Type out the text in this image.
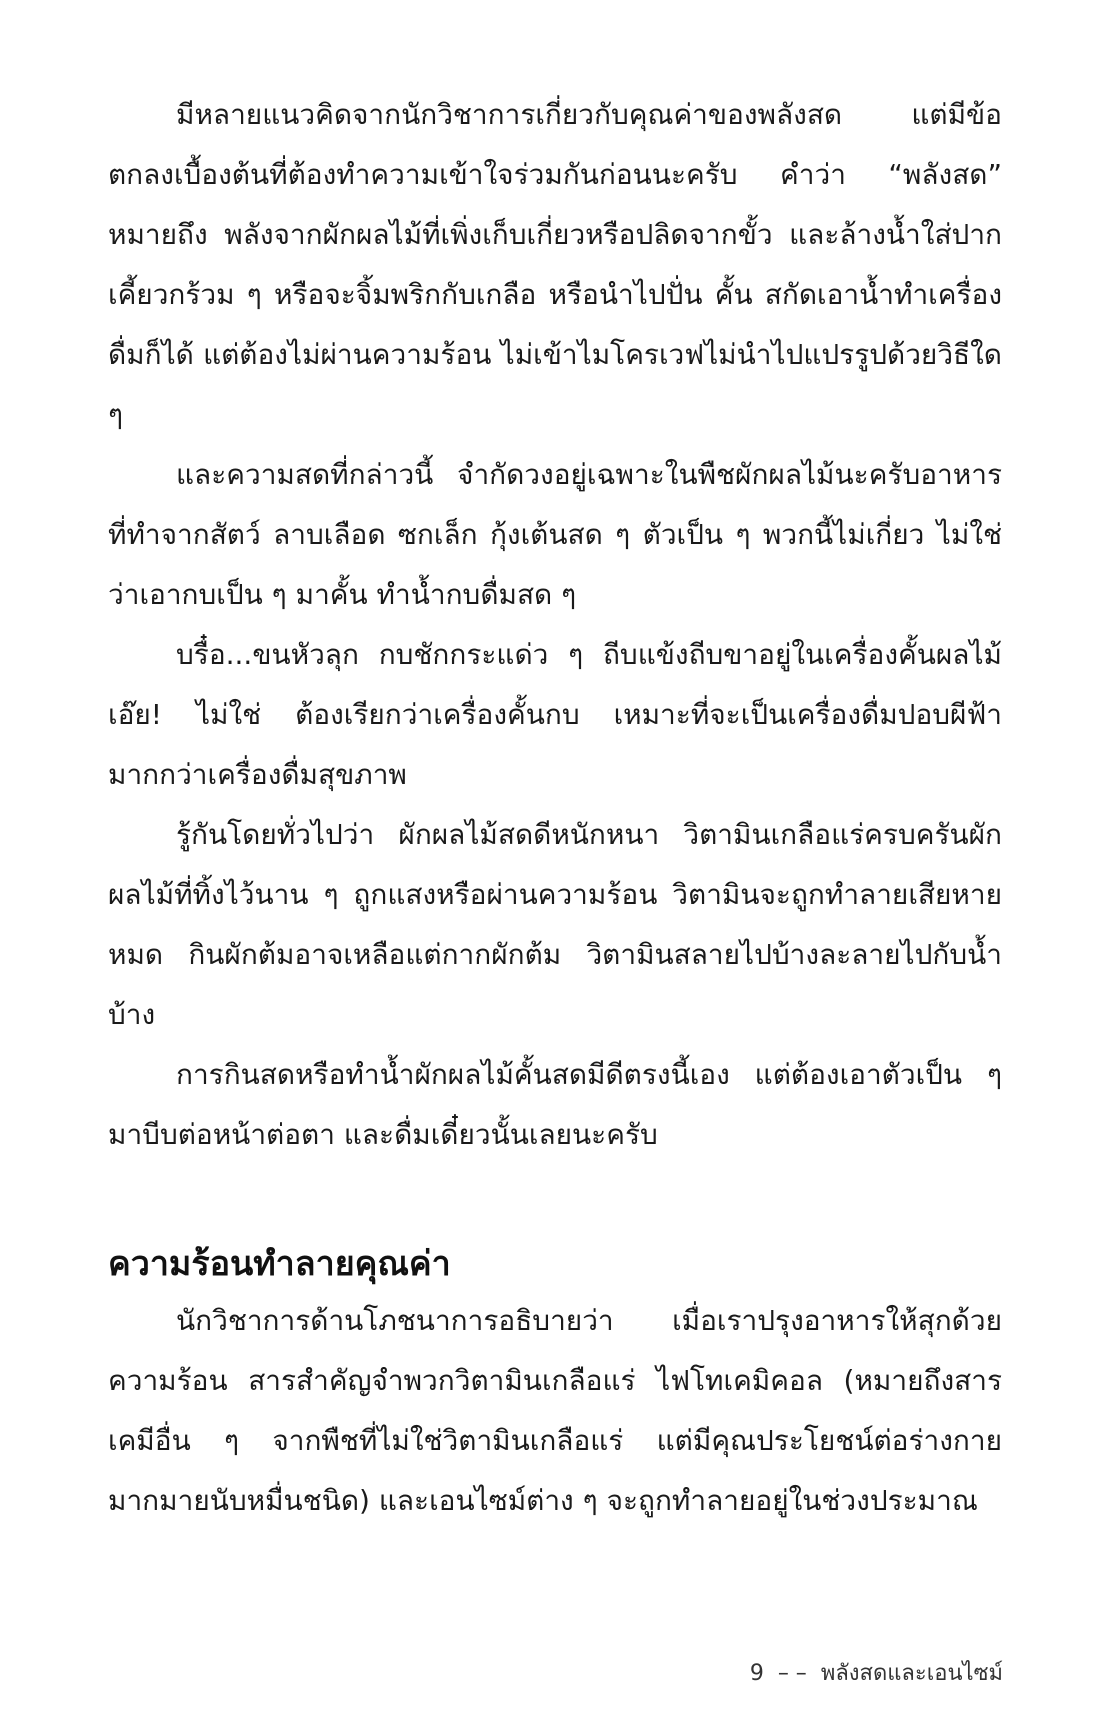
มีหลายแนวคิดจากนักวิชาการเกี่ยวกับคุณค่าของพลังสด แต่มีข้อตกลงเบื้องต้นที่ต้องทำความเข้าใจร่วมกันก่อนนะครับ คำว่า “พลังสด” หมายถึง พลังจากผักผลไม้ที่เพิ่งเก็บเกี่ยวหรือปลิดจากขั้ว และล้างน้ำใส่ปากเคี้ยวกร้วม ๆ หรือจะจิ้มพริกกับเกลือ หรือนำไปปั่น คั้น สกัดเอาน้ำทำเครื่องดื่มก็ได้ แต่ต้องไม่ผ่านความร้อน ไม่เข้าไมโครเวฟไม่นำไปแปรรูปด้วยวิธีใด ๆ

และความสดที่กล่าวนี้ จำกัดวงอยู่เฉพาะในพืชผักผลไม้นะครับอาหารที่ทำจากสัตว์ ลาบเลือด ซกเล็ก กุ้งเต้นสด ๆ ตัวเป็น ๆ พวกนี้ไม่เกี่ยว ไม่ใช่ว่าเอากบเป็น ๆ มาคั้น ทำน้ำกบดื่มสด ๆ

บรื๋อ...ขนหัวลุก กบชักกระแด่ว ๆ ถีบแข้งถีบขาอยู่ในเครื่องคั้นผลไม้ เอ๊ย! ไม่ใช่ ต้องเรียกว่าเครื่องคั้นกบ เหมาะที่จะเป็นเครื่องดื่มปอบผีฟ้ามากกว่าเครื่องดื่มสุขภาพ

รู้กันโดยทั่วไปว่า ผักผลไม้สดดีหนักหนา วิตามินเกลือแร่ครบครันผักผลไม้ที่ทิ้งไว้นาน ๆ ถูกแสงหรือผ่านความร้อน วิตามินจะถูกทำลายเสียหายหมด กินผักต้มอาจเหลือแต่กากผักต้ม วิตามินสลายไปบ้างละลายไปกับน้ำบ้าง

การกินสดหรือทำน้ำผักผลไม้คั้นสดมีดีตรงนี้เอง แต่ต้องเอาตัวเป็น ๆ มาบีบต่อหน้าต่อตา และดื่มเดี๋ยวนั้นเลยนะครับ

ความร้อนทำลายคุณค่า

นักวิชาการด้านโภชนาการอธิบายว่า เมื่อเราปรุงอาหารให้สุกด้วยความร้อน สารสำคัญจำพวกวิตามินเกลือแร่ ไฟโทเคมิคอล (หมายถึงสารเคมีอื่น ๆ จากพืชที่ไม่ใช่วิตามินเกลือแร่ แต่มีคุณประโยชน์ต่อร่างกายมากมายนับหมื่นชนิด) และเอนไซม์ต่าง ๆ จะถูกทำลายอยู่ในช่วงประมาณ

9 – – พลังสดและเอนไซม์
